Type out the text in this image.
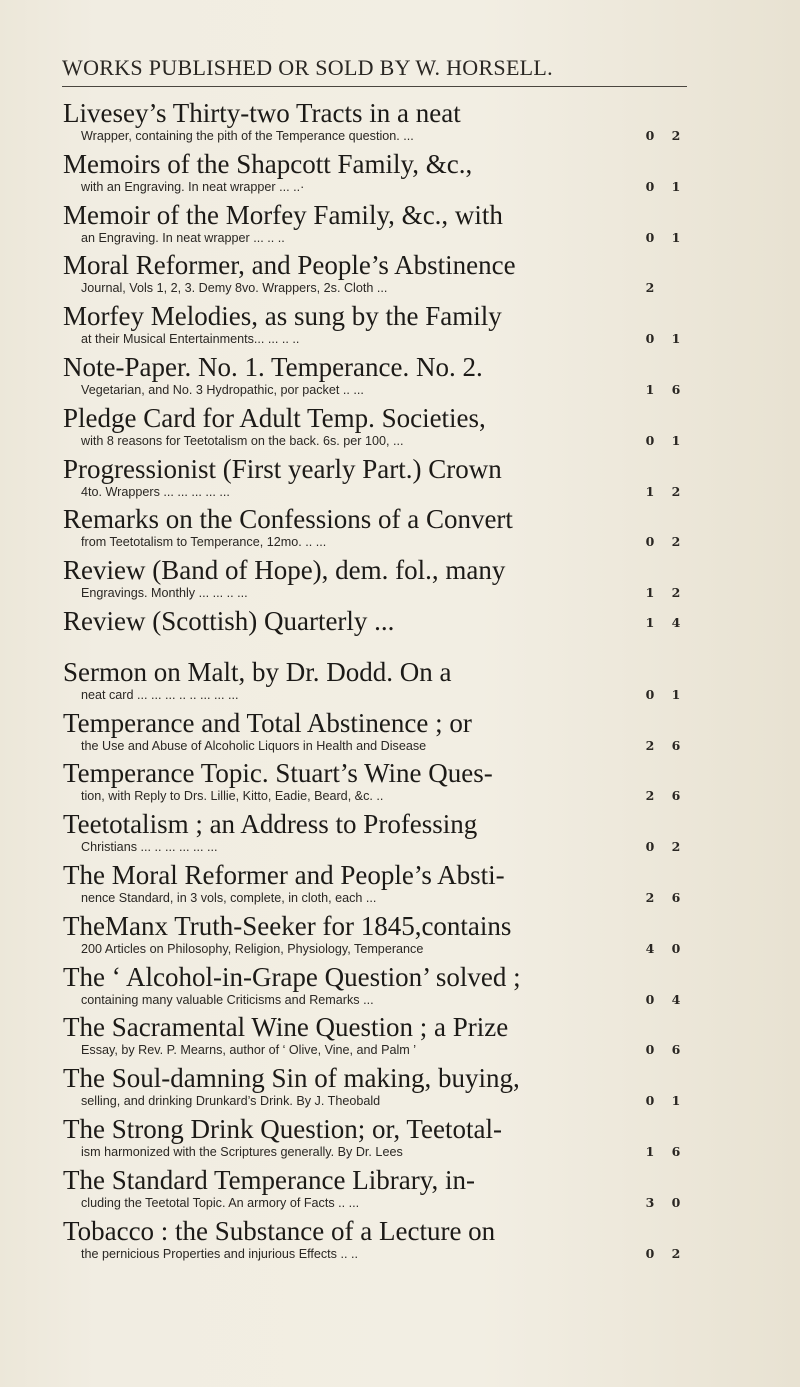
WORKS PUBLISHED OR SOLD BY W. HORSELL.
Livesey’s Thirty-two Tracts in a neat
Wrapper, containing the pith of the Temperance question. ...	0 2
Memoirs of the Shapcott Family, &c.,
with an Engraving. In neat wrapper ... ..·	0 1
Memoir of the Morfey Family, &c., with
an Engraving. In neat wrapper ... .. ..	0 1
Moral Reformer, and People’s Abstinence
Journal, Vols 1, 2, 3. Demy 8vo. Wrappers, 2s. Cloth ...	2
Morfey Melodies, as sung by the Family
at their Musical Entertainments... ... .. ..	0 1
Note-Paper. No. 1. Temperance. No. 2.
Vegetarian, and No. 3 Hydropathic, por packet .. ...	1 6
Pledge Card for Adult Temp. Societies,
with 8 reasons for Teetotalism on the back. 6s. per 100, ...	0 1
Progressionist (First yearly Part.) Crown
4to. Wrappers ... ... ... ... ...	1 2
Remarks on the Confessions of a Convert
from Teetotalism to Temperance, 12mo. .. ...	0 2
Review (Band of Hope), dem. fol., many
Engravings. Monthly ... ... .. ...	1 2
Review (Scottish) Quarterly ...	1 4
Sermon on Malt, by Dr. Dodd. On a
neat card ... ... ... .. .. ... ... ...	0 1
Temperance and Total Abstinence ; or
the Use and Abuse of Alcoholic Liquors in Health and Disease	2 6
Temperance Topic. Stuart’s Wine Ques-
tion, with Reply to Drs. Lillie, Kitto, Eadie, Beard, &c. ..	2 6
Teetotalism ; an Address to Professing
Christians ... .. ... ... ... ...	0 2
The Moral Reformer and People’s Absti-
nence Standard, in 3 vols, complete, in cloth, each ...	2 6
TheManx Truth-Seeker for 1845,contains
200 Articles on Philosophy, Religion, Physiology, Temperance	4 0
The ‘ Alcohol-in-Grape Question’ solved ;
containing many valuable Criticisms and Remarks ...	0 4
The Sacramental Wine Question ; a Prize
Essay, by Rev. P. Mearns, author of ‘ Olive, Vine, and Palm ’	0 6
The Soul-damning Sin of making, buying,
selling, and drinking Drunkard’s Drink. By J. Theobald	0 1
The Strong Drink Question; or, Teetotal-
ism harmonized with the Scriptures generally. By Dr. Lees	1 6
The Standard Temperance Library, in-
cluding the Teetotal Topic. An armory of Facts .. ...	3 0
Tobacco : the Substance of a Lecture on
the pernicious Properties and injurious Effects .. ..	0 2
